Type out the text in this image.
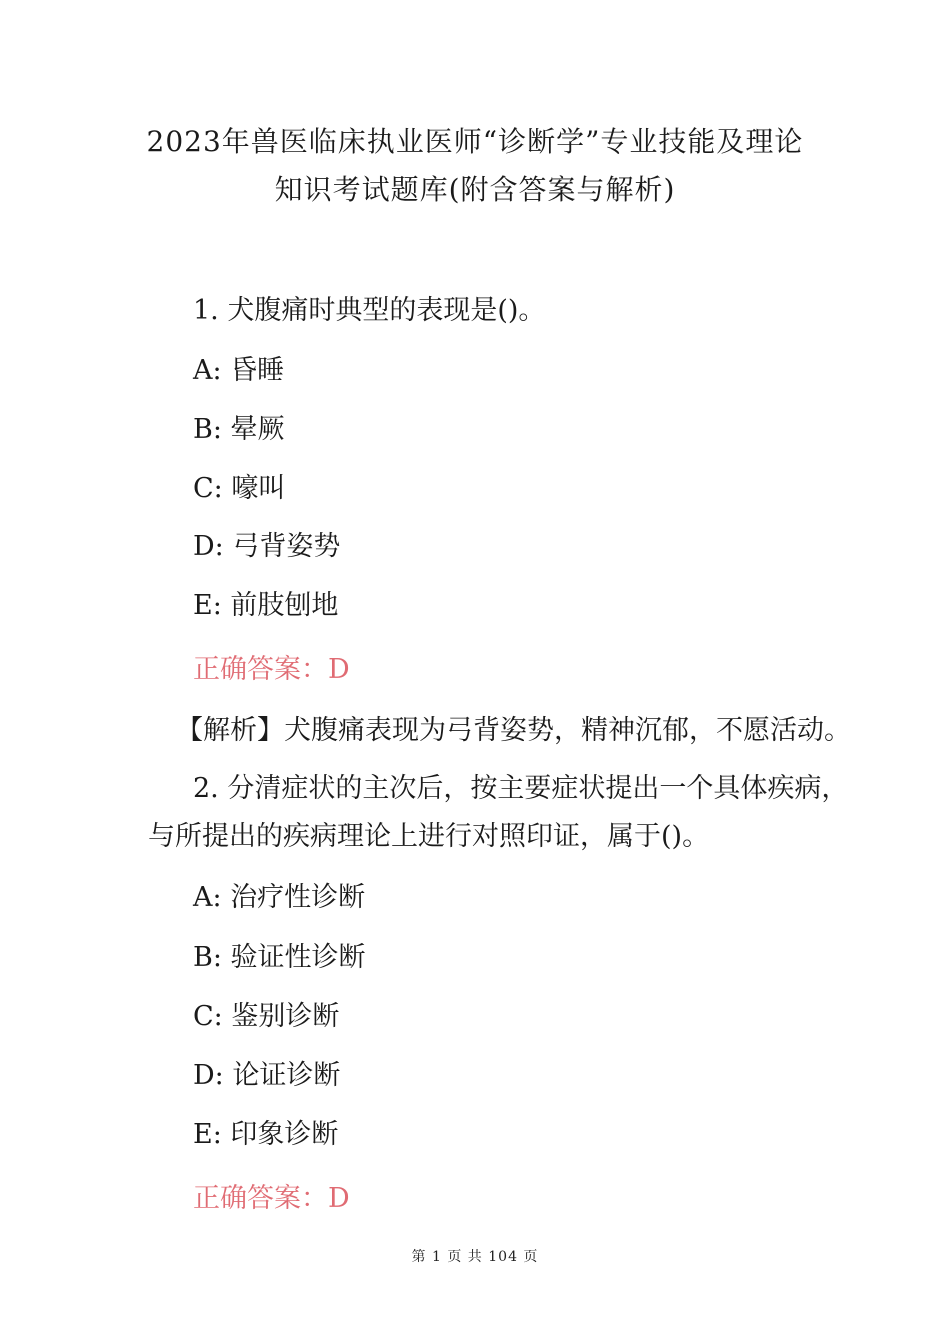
2023年兽医临床执业医师“诊断学”专业技能及理论
知识考试题库(附含答案与解析)
1. 犬腹痛时典型的表现是()。
A: 昏睡
B: 晕厥
C: 嚎叫
D: 弓背姿势
E: 前肢刨地
正确答案：D
【解析】犬腹痛表现为弓背姿势，精神沉郁，不愿活动。
2. 分清症状的主次后，按主要症状提出一个具体疾病，
与所提出的疾病理论上进行对照印证，属于()。
A: 治疗性诊断
B: 验证性诊断
C: 鉴别诊断
D: 论证诊断
E: 印象诊断
正确答案：D
第 1 页 共 104 页
